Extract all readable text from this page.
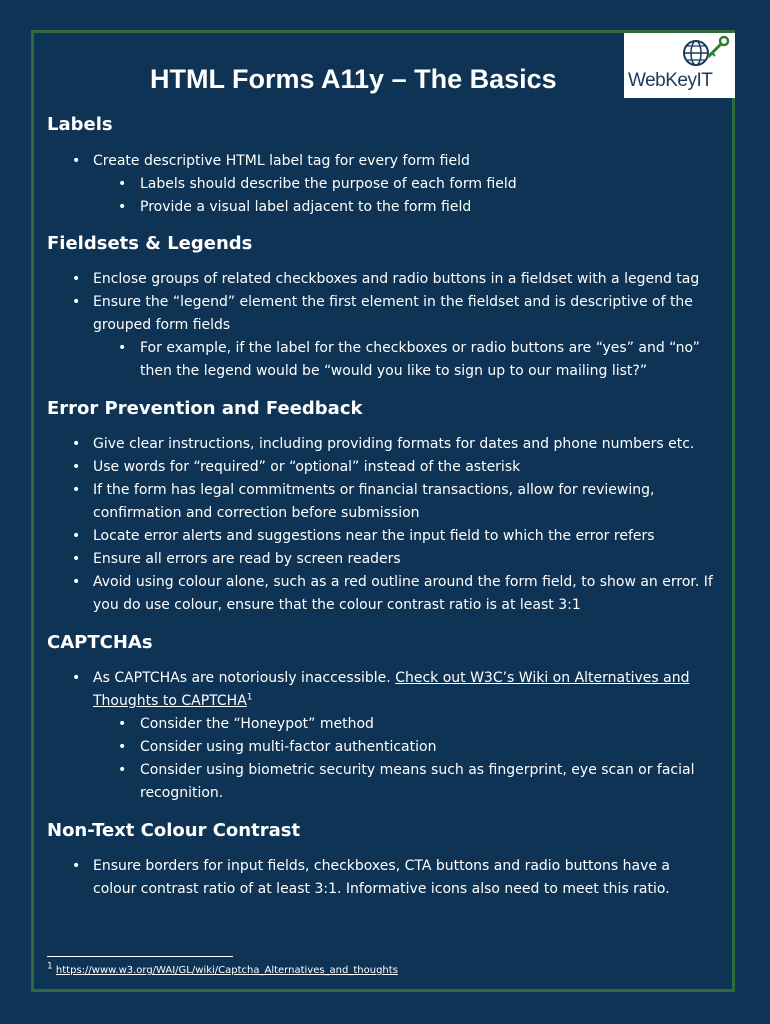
WebKeyIT
HTML Forms A11y – The Basics
Labels
• Create descriptive HTML label tag for every form field
• Labels should describe the purpose of each form field
• Provide a visual label adjacent to the form field
Fieldsets & Legends
• Enclose groups of related checkboxes and radio buttons in a fieldset with a legend tag
• Ensure the “legend” element the first element in the fieldset and is descriptive of the grouped form fields
• For example, if the label for the checkboxes or radio buttons are “yes” and “no” then the legend would be “would you like to sign up to our mailing list?”
Error Prevention and Feedback
• Give clear instructions, including providing formats for dates and phone numbers etc.
• Use words for “required” or “optional” instead of the asterisk
• If the form has legal commitments or financial transactions, allow for reviewing, confirmation and correction before submission
• Locate error alerts and suggestions near the input field to which the error refers
• Ensure all errors are read by screen readers
• Avoid using colour alone, such as a red outline around the form field, to show an error. If you do use colour, ensure that the colour contrast ratio is at least 3:1
CAPTCHAs
• As CAPTCHAs are notoriously inaccessible. Check out W3C’s Wiki on Alternatives and Thoughts to CAPTCHA$^1$
• Consider the “Honeypot” method
• Consider using multi-factor authentication
• Consider using biometric security means such as fingerprint, eye scan or facial recognition.
Non-Text Colour Contrast
• Ensure borders for input fields, checkboxes, CTA buttons and radio buttons have a colour contrast ratio of at least 3:1. Informative icons also need to meet this ratio.
$^1$ https://www.w3.org/WAI/GL/wiki/Captcha_Alternatives_and_thoughts
